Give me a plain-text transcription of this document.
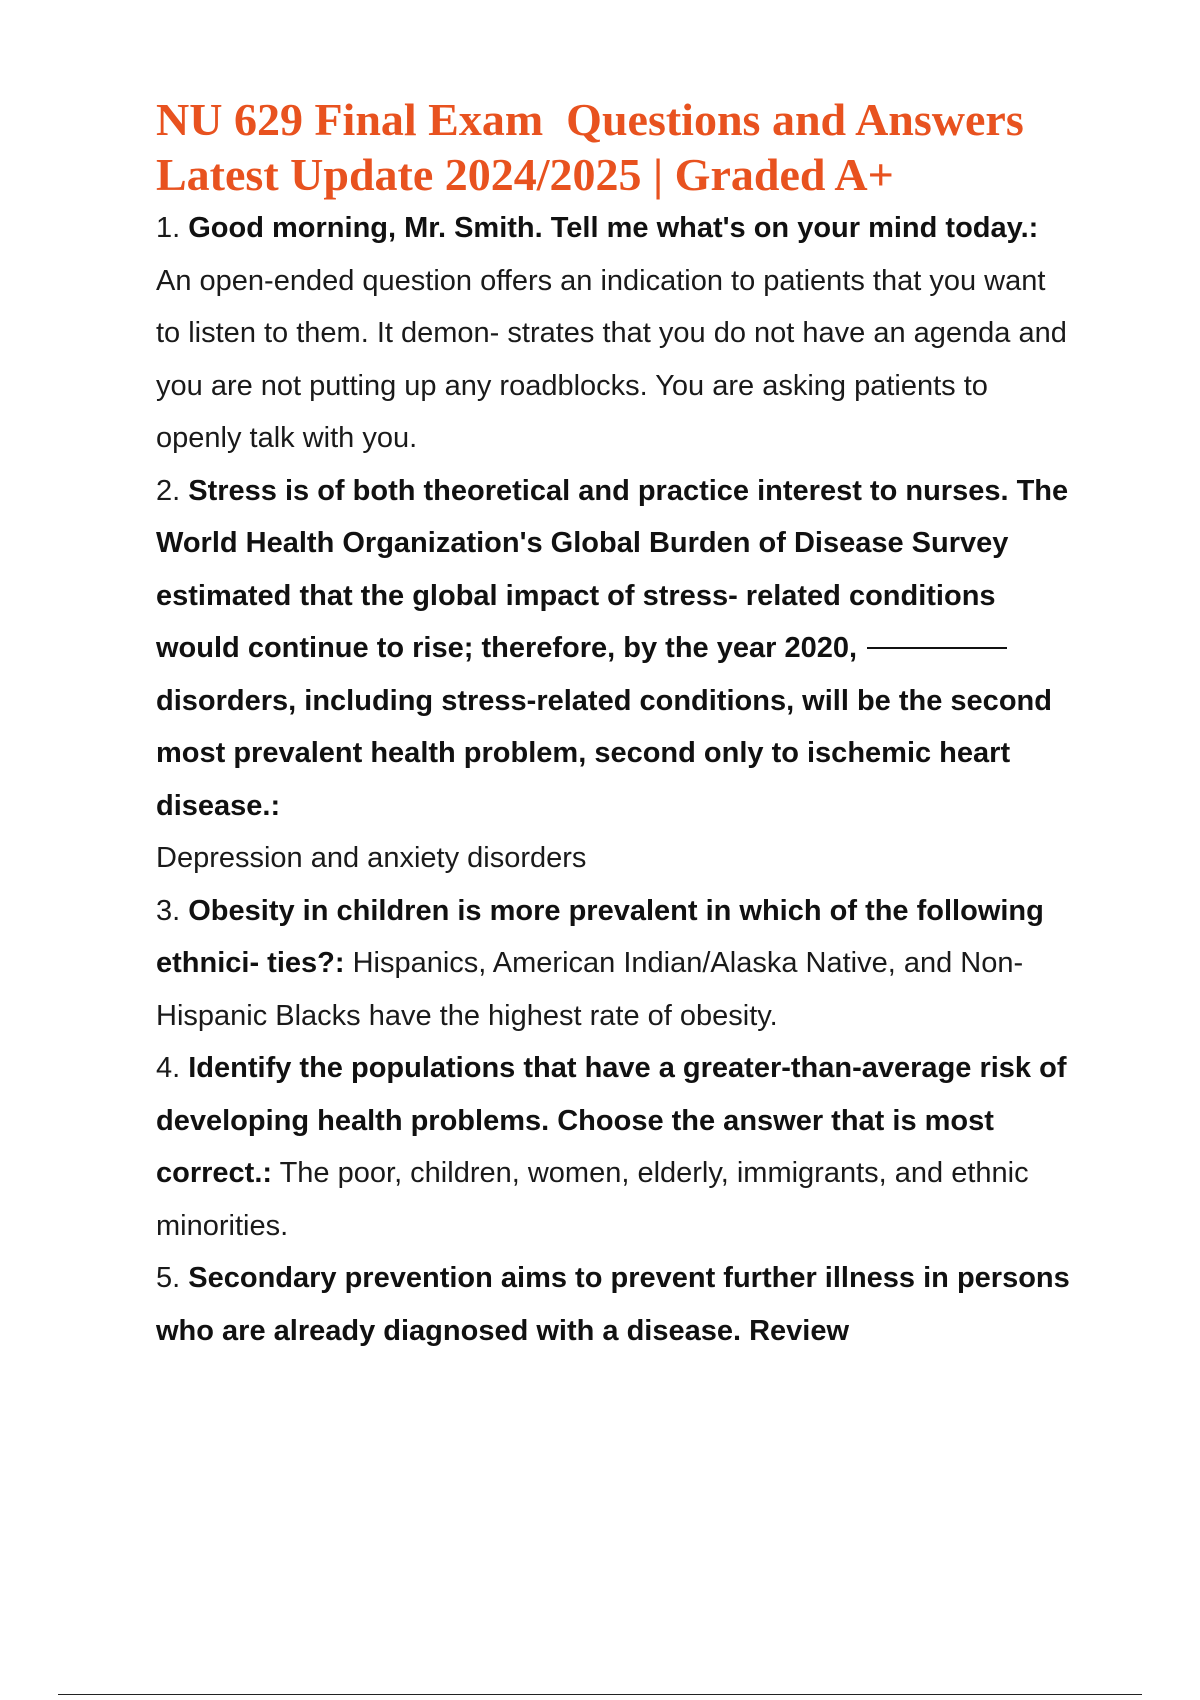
NU 629 Final Exam  Questions and Answers
Latest Update 2024/2025 | Graded A+

1. Good morning, Mr. Smith. Tell me what's on your mind today.: An open-ended question offers an indication to patients that you want to listen to them. It demon- strates that you do not have an agenda and you are not putting up any roadblocks. You are asking patients to openly talk with you.

2. Stress is of both theoretical and practice interest to nurses. The World Health Organization's Global Burden of Disease Survey estimated that the global impact of stress- related conditions would continue to rise; therefore, by the year 2020,  disorders, including stress-related conditions, will be the second most prevalent health problem, second only to ischemic heart disease.:
Depression and anxiety disorders

3. Obesity in children is more prevalent in which of the following ethnici- ties?: Hispanics, American Indian/Alaska Native, and Non-Hispanic Blacks have the highest rate of obesity.

4. Identify the populations that have a greater-than-average risk of developing health problems. Choose the answer that is most correct.: The poor, children, women, elderly, immigrants, and ethnic minorities.

5. Secondary prevention aims to prevent further illness in persons who are already diagnosed with a disease. Review
